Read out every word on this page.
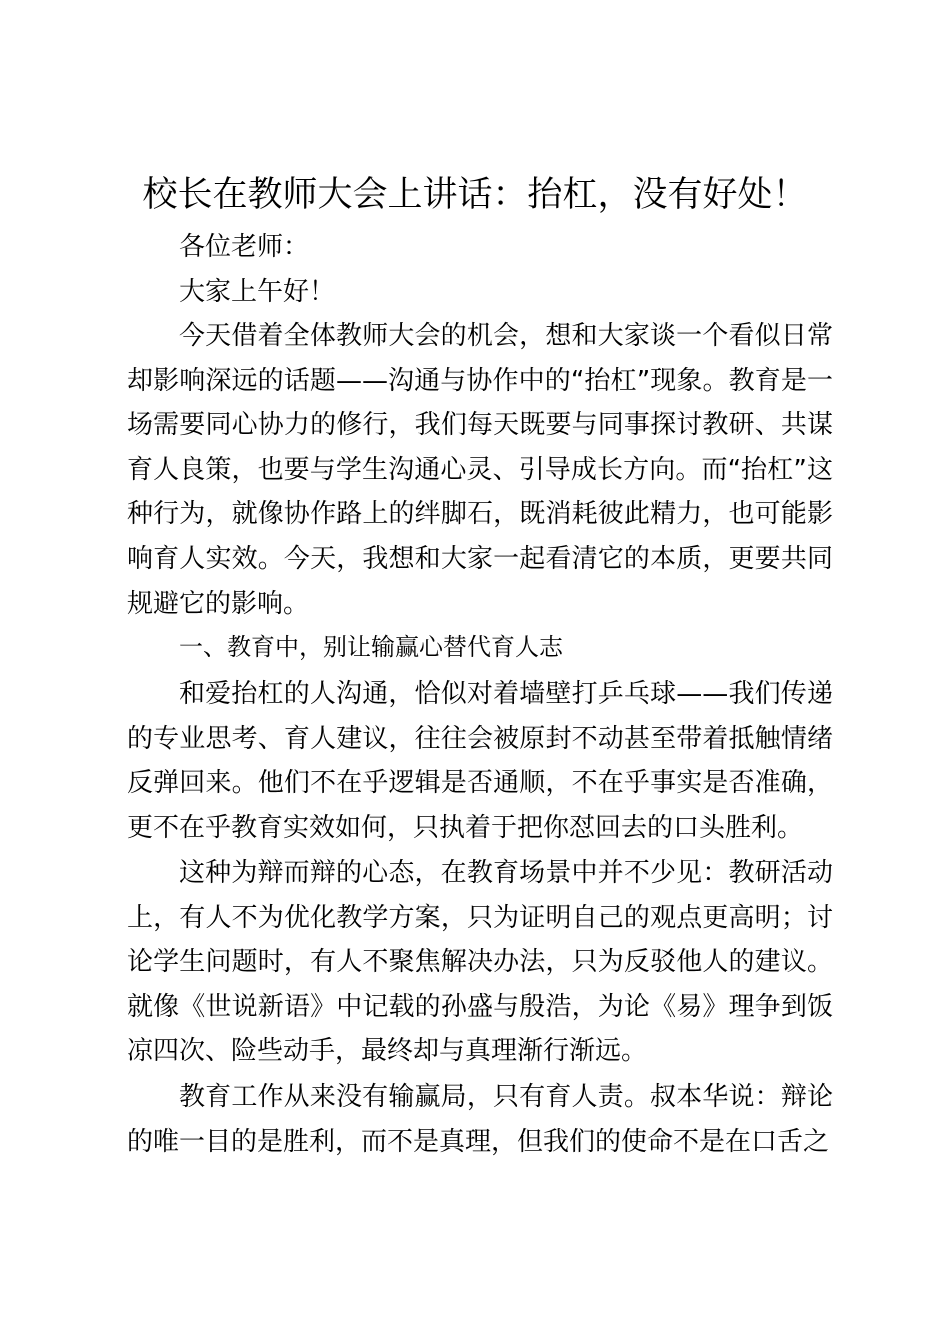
校长在教师大会上讲话：抬杠，没有好处！

各位老师：

大家上午好！

今天借着全体教师大会的机会，想和大家谈一个看似日常却影响深远的话题——沟通与协作中的“抬杠”现象。教育是一场需要同心协力的修行，我们每天既要与同事探讨教研、共谋育人良策，也要与学生沟通心灵、引导成长方向。而“抬杠”这种行为，就像协作路上的绊脚石，既消耗彼此精力，也可能影响育人实效。今天，我想和大家一起看清它的本质，更要共同规避它的影响。

一、教育中，别让输赢心替代育人志

和爱抬杠的人沟通，恰似对着墙壁打乒乓球——我们传递的专业思考、育人建议，往往会被原封不动甚至带着抵触情绪反弹回来。他们不在乎逻辑是否通顺，不在乎事实是否准确，更不在乎教育实效如何，只执着于把你怼回去的口头胜利。

这种为辩而辩的心态，在教育场景中并不少见：教研活动上，有人不为优化教学方案，只为证明自己的观点更高明；讨论学生问题时，有人不聚焦解决办法，只为反驳他人的建议。就像《世说新语》中记载的孙盛与殷浩，为论《易》理争到饭凉四次、险些动手，最终却与真理渐行渐远。

教育工作从来没有输赢局，只有育人责。叔本华说：辩论的唯一目的是胜利，而不是真理，但我们的使命不是在口舌之
